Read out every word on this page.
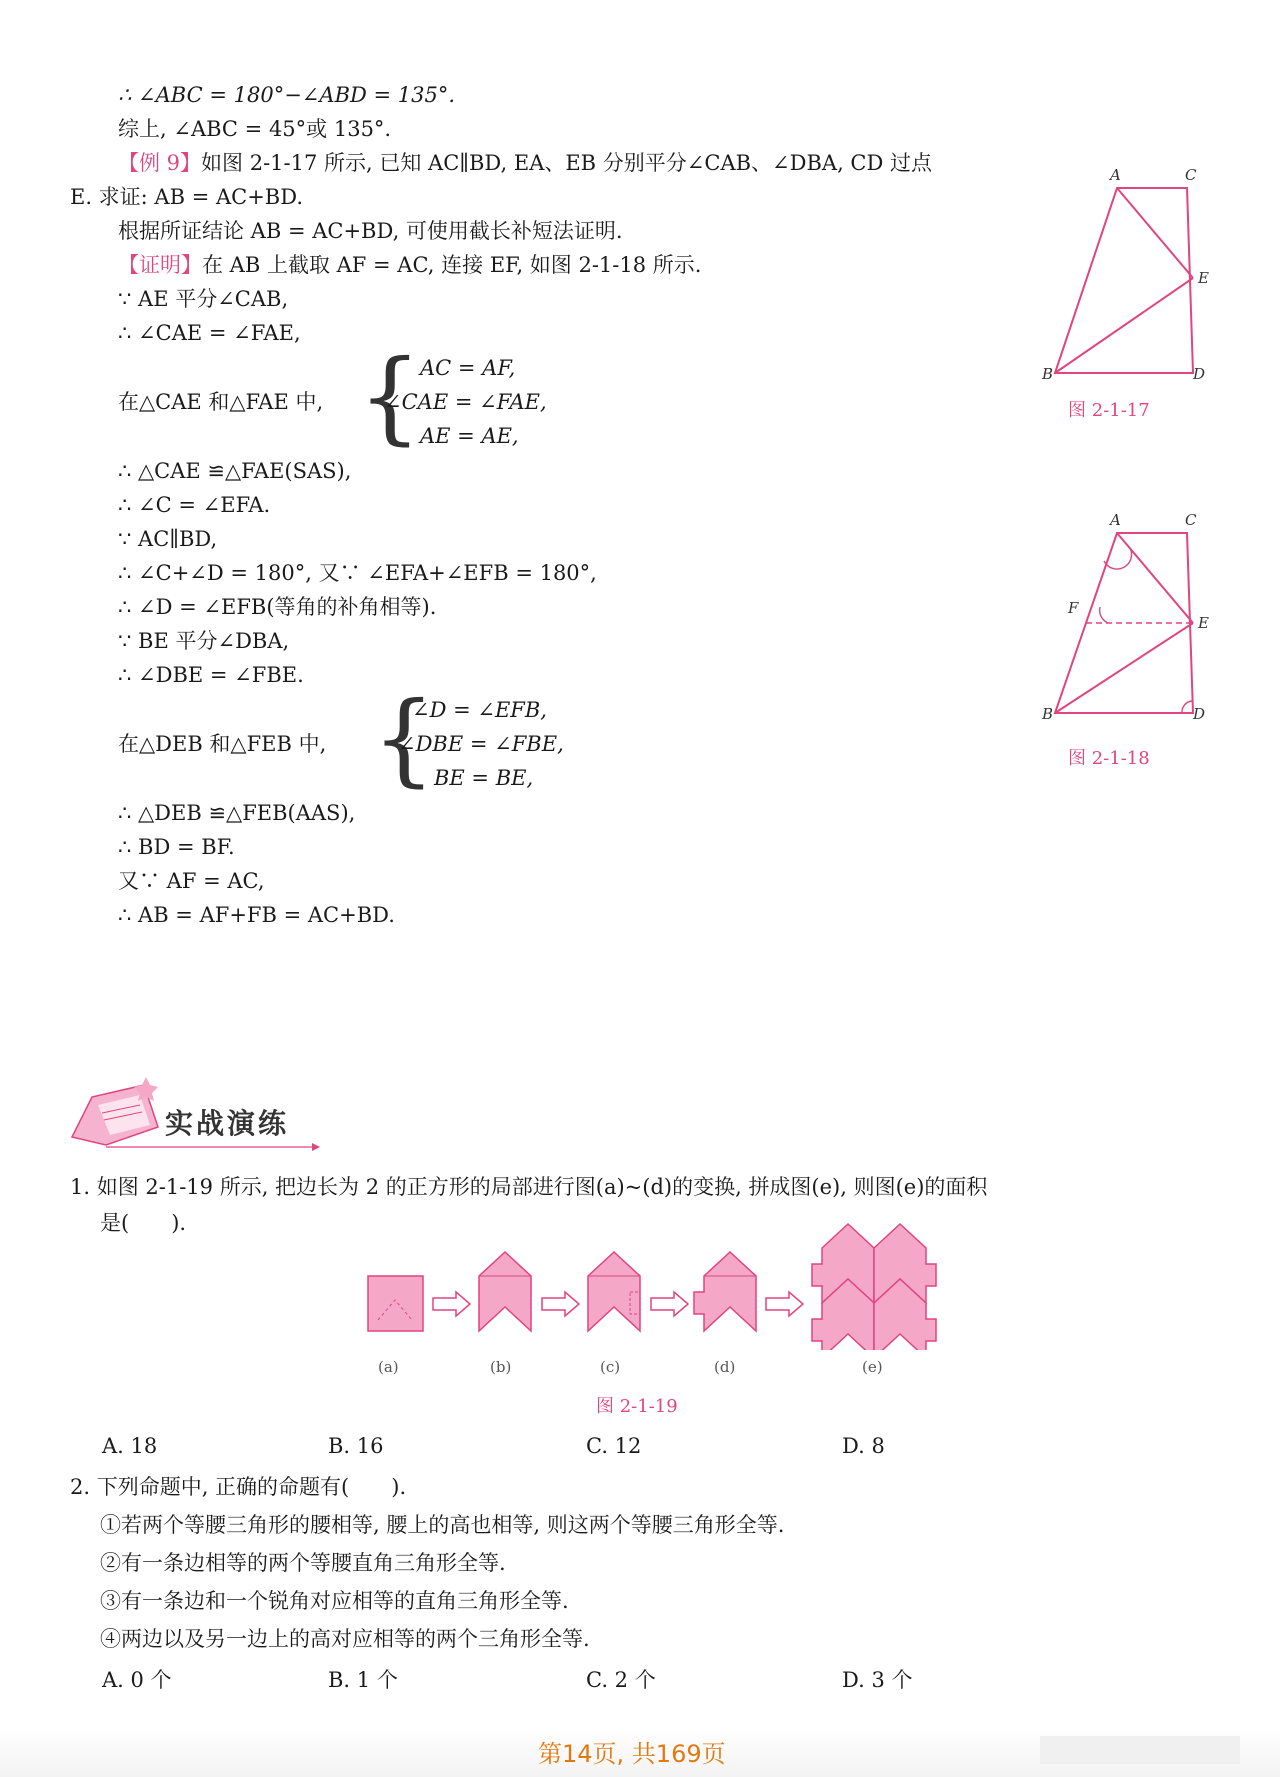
∴ ∠ABC = 180°−∠ABD = 135°.
综上, ∠ABC = 45°或 135°.
【例 9】如图 2-1-17 所示, 已知 AC∥BD, EA、EB 分别平分∠CAB、∠DBA, CD 过点
E. 求证: AB = AC+BD.
根据所证结论 AB = AC+BD, 可使用截长补短法证明.
【证明】在 AB 上截取 AF = AC, 连接 EF, 如图 2-1-18 所示.
∵ AE 平分∠CAB,
∴ ∠CAE = ∠FAE,
在△CAE 和△FAE 中, {
AC = AF,
∠CAE = ∠FAE,
AE = AE,
∴ △CAE ≌△FAE(SAS),
∴ ∠C = ∠EFA.
∵ AC∥BD,
∴ ∠C+∠D = 180°, 又∵ ∠EFA+∠EFB = 180°,
∴ ∠D = ∠EFB(等角的补角相等).
∵ BE 平分∠DBA,
∴ ∠DBE = ∠FBE.
在△DEB 和△FEB 中, {
∠D = ∠EFB,
∠DBE = ∠FBE,
BE = BE,
∴ △DEB ≌△FEB(AAS),
∴ BD = BF.
又∵ AF = AC,
∴ AB = AF+FB = AC+BD.
A	C
E
B	D
图 2-1-17
A	C
F
E
B	D
图 2-1-18
实战演练
1. 如图 2-1-19 所示, 把边长为 2 的正方形的局部进行图(a)~(d)的变换, 拼成图(e), 则图(e)的面积
是(　　).
(a)	(b)	(c)	(d)	(e)
图 2-1-19
A. 18	B. 16	C. 12	D. 8
2. 下列命题中, 正确的命题有(　　).
①若两个等腰三角形的腰相等, 腰上的高也相等, 则这两个等腰三角形全等.
②有一条边相等的两个等腰直角三角形全等.
③有一条边和一个锐角对应相等的直角三角形全等.
④两边以及另一边上的高对应相等的两个三角形全等.
A. 0 个	B. 1 个	C. 2 个	D. 3 个
第14页, 共169页
